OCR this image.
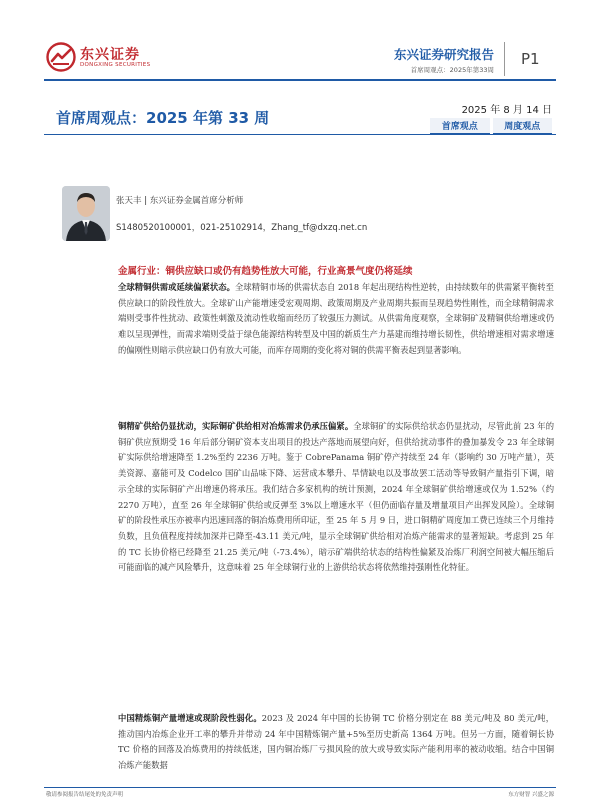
东兴证券
DONGXING SECURITIES
东兴证券研究报告
首席周观点：2025年第33周
P1
首席周观点：2025 年第 33 周	2025 年 8 月 14 日
首席观点	周度观点
张天丰 | 东兴证券金属首席分析师
S1480520100001，021-25102914，Zhang_tf@dxzq.net.cn
金属行业：铜供应缺口或仍有趋势性放大可能，行业高景气度仍将延续
全球精铜供需或延续偏紧状态。全球精铜市场的供需状态自 2018 年起出现结构性逆转，由持续数年的供需紧平衡转至供应缺口的阶段性放大。全球矿山产能增速受宏观周期、政策周期及产业周期共振而呈现趋势性刚性，而全球精铜需求端则受事件性扰动、政策性刺激及流动性收缩而经历了较强压力测试。从供需角度观察，全球铜矿及精铜供给增速或仍难以呈现弹性，而需求端则受益于绿色能源结构转型及中国的新质生产力基建而维持增长韧性，供给增速相对需求增速的偏刚性则暗示供应缺口仍有放大可能，而库存周期的变化将对铜的供需平衡表起到显著影响。
铜精矿供给仍显扰动，实际铜矿供给相对冶炼需求仍承压偏紧。全球铜矿的实际供给状态仍显扰动，尽管此前 23 年的铜矿供应预期受 16 年后部分铜矿资本支出项目的投达产落地而展望向好，但供给扰动事件的叠加暴发令 23 年全球铜矿实际供给增速降至 1.2%至约 2236 万吨。鉴于 CobrePanama 铜矿停产持续至 24 年（影响约 30 万吨产量），英美资源、嘉能可及 Codelco 国矿山品味下降、运营成本攀升、旱情缺电以及事故罢工活动等导致铜产量指引下调，暗示全球的实际铜矿产出增速仍将承压。我们结合多家机构的统计预测，2024 年全球铜矿供给增速或仅为 1.52%（约 2270 万吨），直至 26 年全球铜矿供给或反弹至 3%以上增速水平（但仍面临存量及增量项目产出挥发风险）。全球铜矿的阶段性承压亦被率内迅速回落的铜冶炼费用所印证，至 25 年 5 月 9 日，进口铜精矿周度加工费已连续三个月维持负数，且负值程度持续加深并已降至-43.11 美元/吨，显示全球铜矿供给相对冶炼产能需求的显著短缺。考虑到 25 年的 TC 长协价格已经降至 21.25 美元/吨（-73.4%），暗示矿端供给状态的结构性偏紧及冶炼厂利润空间被大幅压缩后可能面临的减产风险攀升，这意味着 25 年全球铜行业的上游供给状态将依然维持强刚性化特征。
中国精炼铜产量增速或现阶段性弱化。2023 及 2024 年中国的长协铜 TC 价格分别定在 88 美元/吨及 80 美元/吨，推动国内冶炼企业开工率的攀升并带动 24 年中国精炼铜产量+5%至历史新高 1364 万吨。但另一方面，随着铜长协 TC 价格的回落及冶炼费用的持续低迷，国内铜冶炼厂亏损风险的放大或导致实际产能利用率的被动收缩。结合中国铜冶炼产能数据
敬请参阅报告结尾处的免责声明	东方财智 兴盛之源
